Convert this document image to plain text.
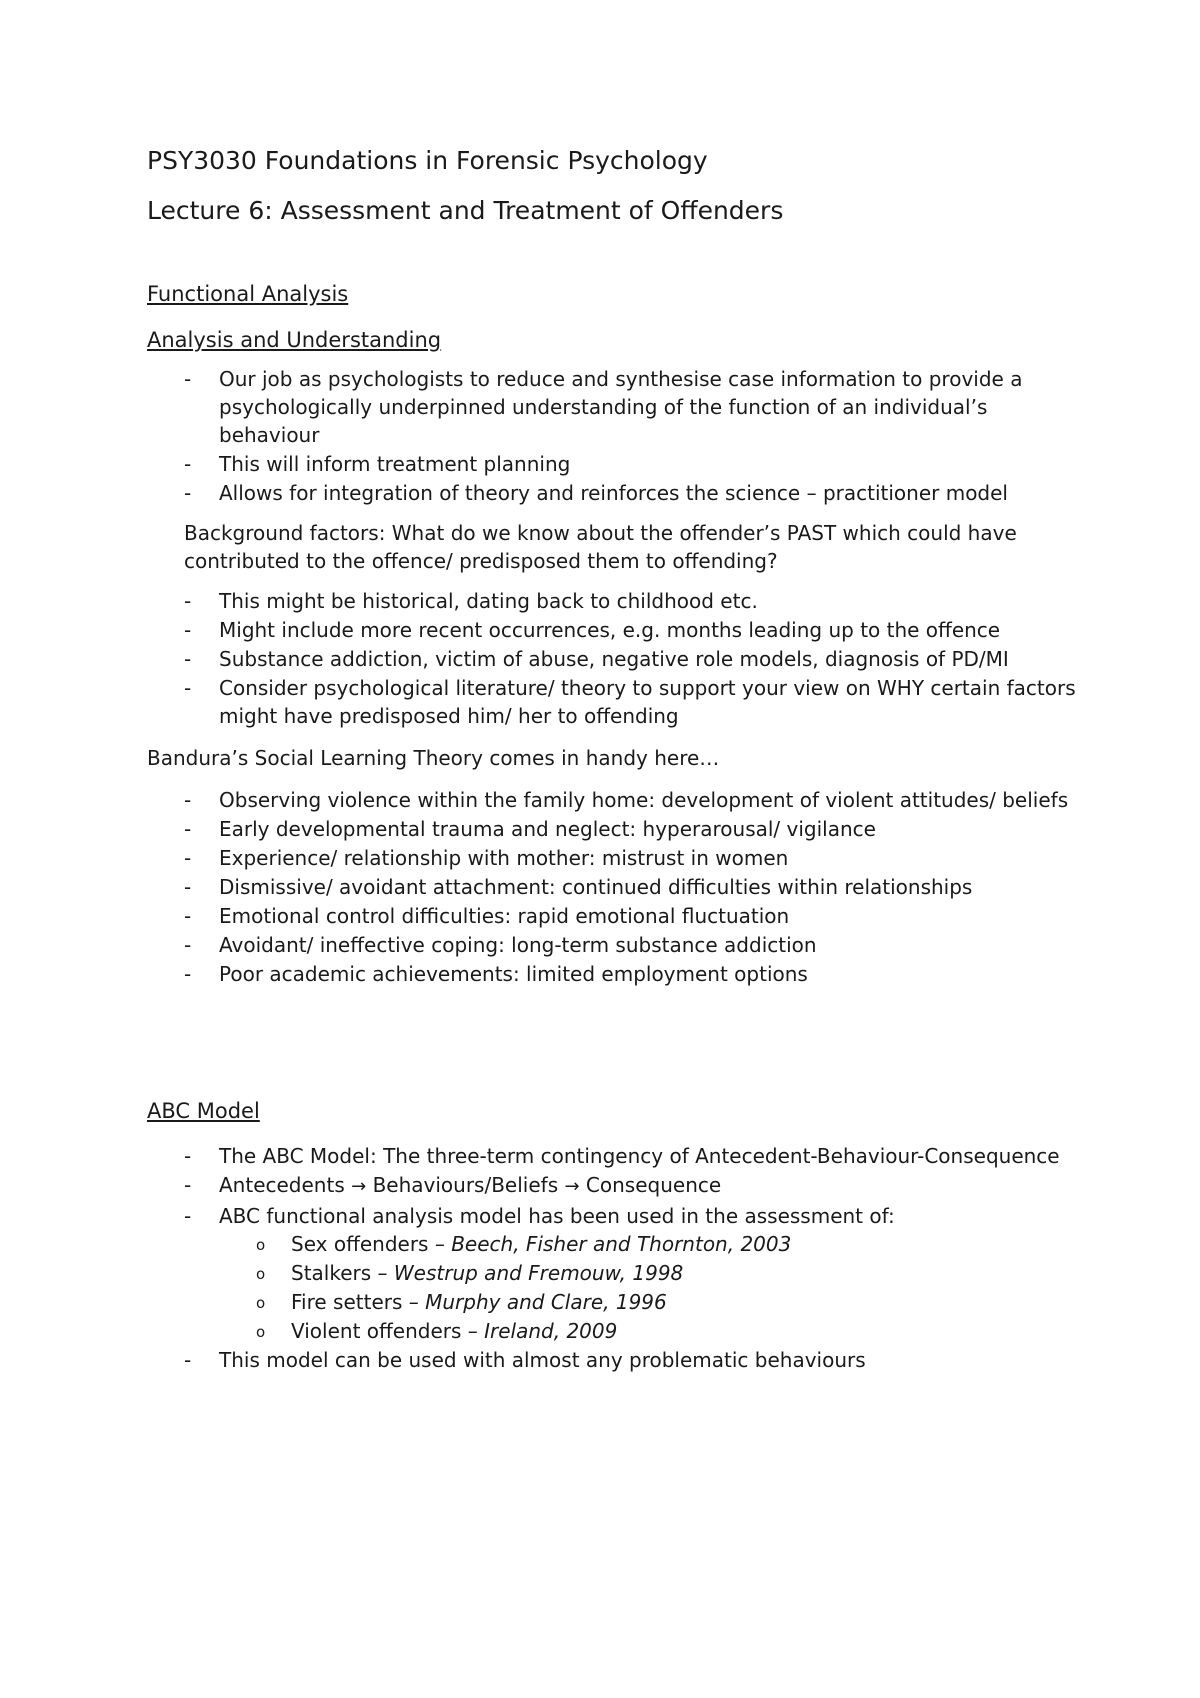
PSY3030 Foundations in Forensic Psychology
Lecture 6: Assessment and Treatment of Offenders
Functional Analysis
Analysis and Understanding
- Our job as psychologists to reduce and synthesise case information to provide a psychologically underpinned understanding of the function of an individual’s behaviour
- This will inform treatment planning
- Allows for integration of theory and reinforces the science – practitioner model
Background factors: What do we know about the offender’s PAST which could have contributed to the offence/ predisposed them to offending?
- This might be historical, dating back to childhood etc.
- Might include more recent occurrences, e.g. months leading up to the offence
- Substance addiction, victim of abuse, negative role models, diagnosis of PD/MI
- Consider psychological literature/ theory to support your view on WHY certain factors might have predisposed him/ her to offending
Bandura’s Social Learning Theory comes in handy here…
- Observing violence within the family home: development of violent attitudes/ beliefs
- Early developmental trauma and neglect: hyperarousal/ vigilance
- Experience/ relationship with mother: mistrust in women
- Dismissive/ avoidant attachment: continued difficulties within relationships
- Emotional control difficulties: rapid emotional fluctuation
- Avoidant/ ineffective coping: long-term substance addiction
- Poor academic achievements: limited employment options
ABC Model
- The ABC Model: The three-term contingency of Antecedent-Behaviour-Consequence
- Antecedents → Behaviours/Beliefs → Consequence
- ABC functional analysis model has been used in the assessment of:
o Sex offenders – Beech, Fisher and Thornton, 2003
o Stalkers – Westrup and Fremouw, 1998
o Fire setters – Murphy and Clare, 1996
o Violent offenders – Ireland, 2009
- This model can be used with almost any problematic behaviours
